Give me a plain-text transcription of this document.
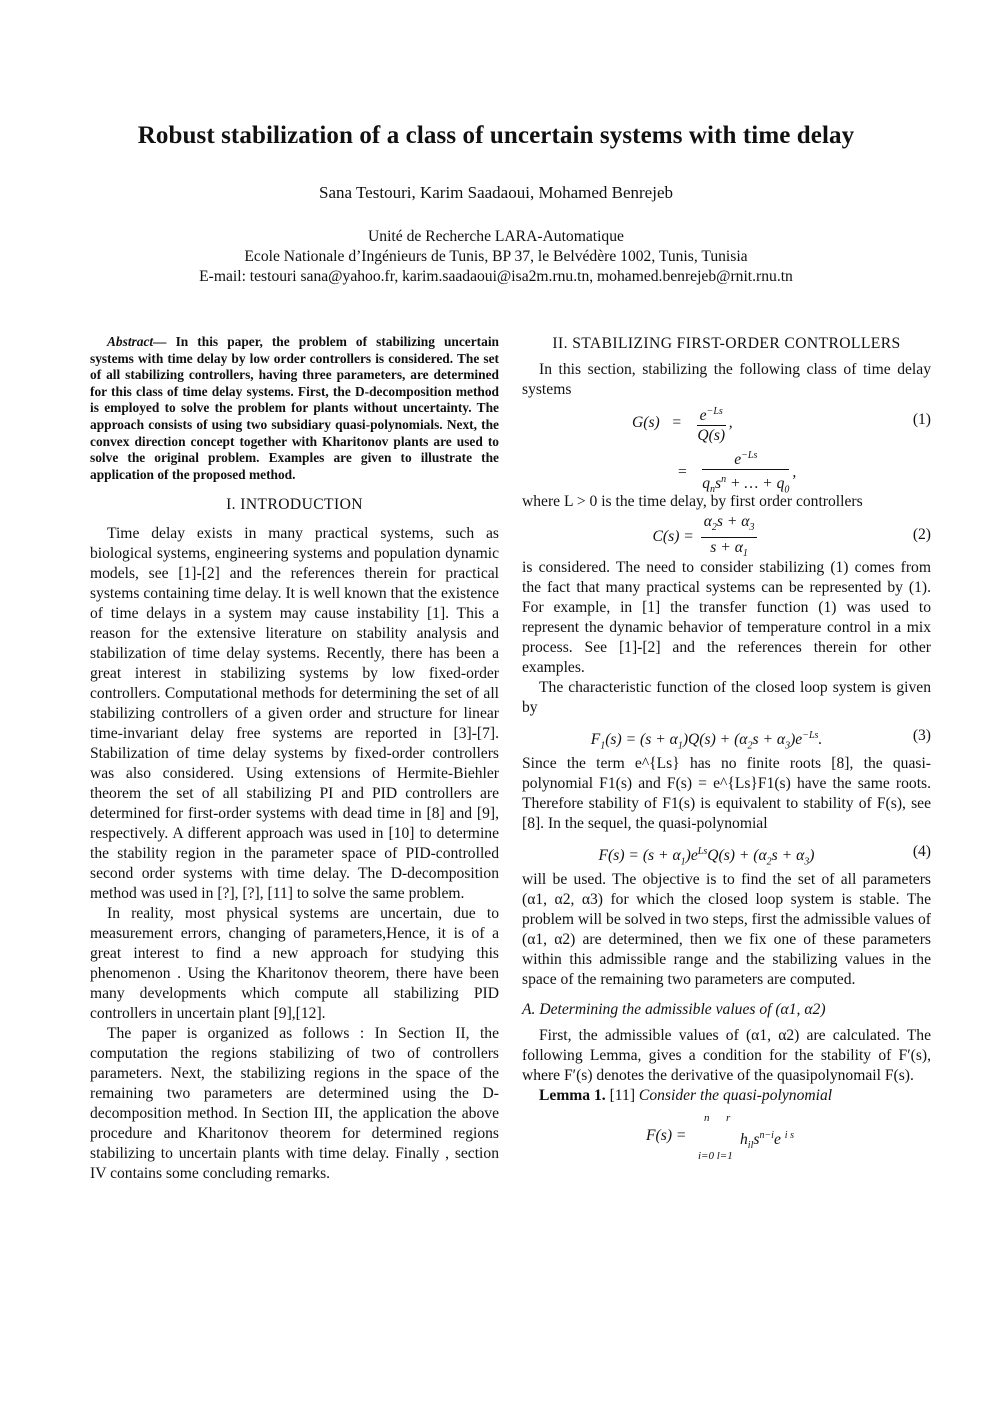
Robust stabilization of a class of uncertain systems with time delay
Sana Testouri, Karim Saadaoui, Mohamed Benrejeb
Unité de Recherche LARA-Automatique
Ecole Nationale d’Ingénieurs de Tunis, BP 37, le Belvédère 1002, Tunis, Tunisia
E-mail: testouri sana@yahoo.fr, karim.saadaoui@isa2m.rnu.tn, mohamed.benrejeb@rnit.rnu.tn

Abstract— In this paper, the problem of stabilizing uncertain systems with time delay by low order controllers is considered. The set of all stabilizing controllers, having three parameters, are determined for this class of time delay systems. First, the D-decomposition method is employed to solve the problem for plants without uncertainty. The approach consists of using two subsidiary quasi-polynomials. Next, the convex direction concept together with Kharitonov plants are used to solve the original problem. Examples are given to illustrate the application of the proposed method.

I. INTRODUCTION

Time delay exists in many practical systems, such as biological systems, engineering systems and population dynamic models, see [1]-[2] and the references therein for practical systems containing time delay. It is well known that the existence of time delays in a system may cause instability [1]. This a reason for the extensive literature on stability analysis and stabilization of time delay systems. Recently, there has been a great interest in stabilizing systems by low fixed-order controllers. Computational methods for determining the set of all stabilizing controllers of a given order and structure for linear time-invariant delay free systems are reported in [3]-[7]. Stabilization of time delay systems by fixed-order controllers was also considered. Using extensions of Hermite-Biehler theorem the set of all stabilizing PI and PID controllers are determined for first-order systems with dead time in [8] and [9], respectively. A different approach was used in [10] to determine the stability region in the parameter space of PID-controlled second order systems with time delay. The D-decomposition method was used in [?], [?], [11] to solve the same problem.

In reality, most physical systems are uncertain, due to measurement errors, changing of parameters,Hence, it is of a great interest to find a new approach for studying this phenomenon . Using the Kharitonov theorem, there have been many developments which compute all stabilizing PID controllers in uncertain plant [9],[12].

The paper is organized as follows : In Section II, the computation the regions stabilizing of two of controllers parameters. Next, the stabilizing regions in the space of the remaining two parameters are determined using the D-decomposition method. In Section III, the application the above procedure and Kharitonov theorem for determined regions stabilizing to uncertain plants with time delay. Finally , section IV contains some concluding remarks.

II. STABILIZING FIRST-ORDER CONTROLLERS

In this section, stabilizing the following class of time delay systems

$G(s) = \frac{e^{-Ls}}{Q(s)}$ ,
= $\frac{e^{-Ls}}{q_ns^n + \dots + q_0}$ ,
(1)

where L > 0 is the time delay, by first order controllers

$C(s) = \frac{\alpha_2s + \alpha_3}{s + \alpha_1}$	(2)

is considered. The need to consider stabilizing (1) comes from the fact that many practical systems can be represented by (1). For example, in [1] the transfer function (1) was used to represent the dynamic behavior of temperature control in a mix process. See [1]-[2] and the references therein for other examples.

The characteristic function of the closed loop system is given by

$F_1(s) = (s + \alpha_1)Q(s) + (\alpha_2s + \alpha_3)e^{-Ls}$.	(3)

Since the term e^{Ls} has no finite roots [8], the quasi-polynomial F1(s) and F(s) = e^{Ls}F1(s) have the same roots. Therefore stability of F1(s) is equivalent to stability of F(s), see [8]. In the sequel, the quasi-polynomial

$F(s) = (s + \alpha_1)e^{Ls}Q(s) + (\alpha_2s + \alpha_3)$	(4)

will be used. The objective is to find the set of all parameters (α1, α2, α3) for which the closed loop system is stable. The problem will be solved in two steps, first the admissible values of (α1, α2) are determined, then we fix one of these parameters within this admissible range and the stabilizing values in the space of the remaining two parameters are computed.

A. Determining the admissible values of (α1, α2)

First, the admissible values of (α1, α2) are calculated. The following Lemma, gives a condition for the stability of F′(s), where F′(s) denotes the derivative of the quasipolynomail F(s).

Lemma 1. [11] Consider the quasi-polynomial

n r
F(s) =	$h_{il}s^{n-i}e$ $^{i s}$
i=0 l=1
